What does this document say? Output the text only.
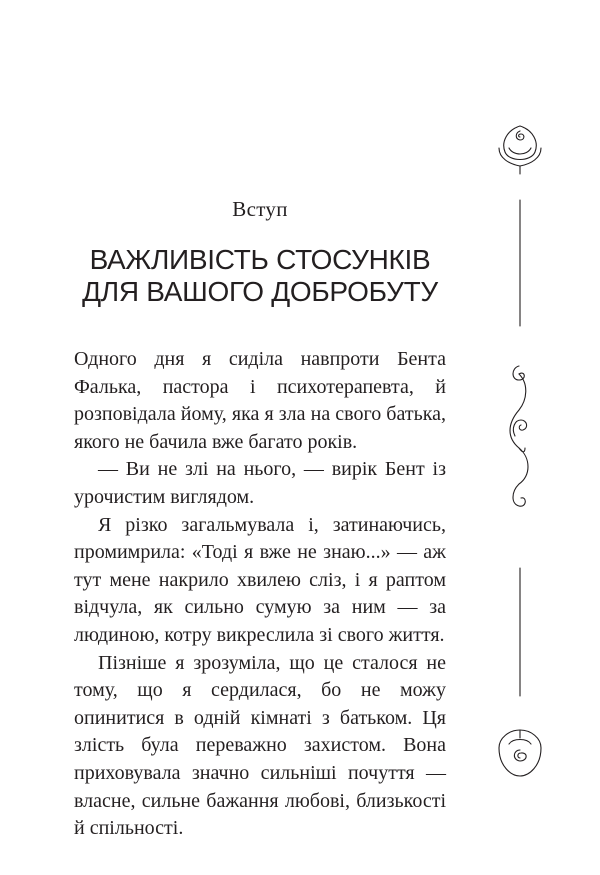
Вступ
ВАЖЛИВІСТЬ СТОСУНКІВ
ДЛЯ ВАШОГО ДОБРОБУТУ

Одного дня я сиділа навпроти Бента Фалька, пастора і психотерапевта, й розповідала йому, яка я зла на свого батька, якого не бачила вже багато років.

— Ви не злі на нього, — вирік Бент із урочистим виглядом.

Я різко загальмувала і, затинаючись, промимрила: «Тоді я вже не знаю...» — аж тут мене накрило хвилею сліз, і я раптом відчула, як сильно сумую за ним — за людиною, котру викреслила зі свого життя.

Пізніше я зрозуміла, що це сталося не тому, що я сердилася, бо не можу опинитися в одній кімнаті з батьком. Ця злість була переважно захистом. Вона приховувала значно сильніші почуття — власне, сильне бажання любові, близькості й спільності.
